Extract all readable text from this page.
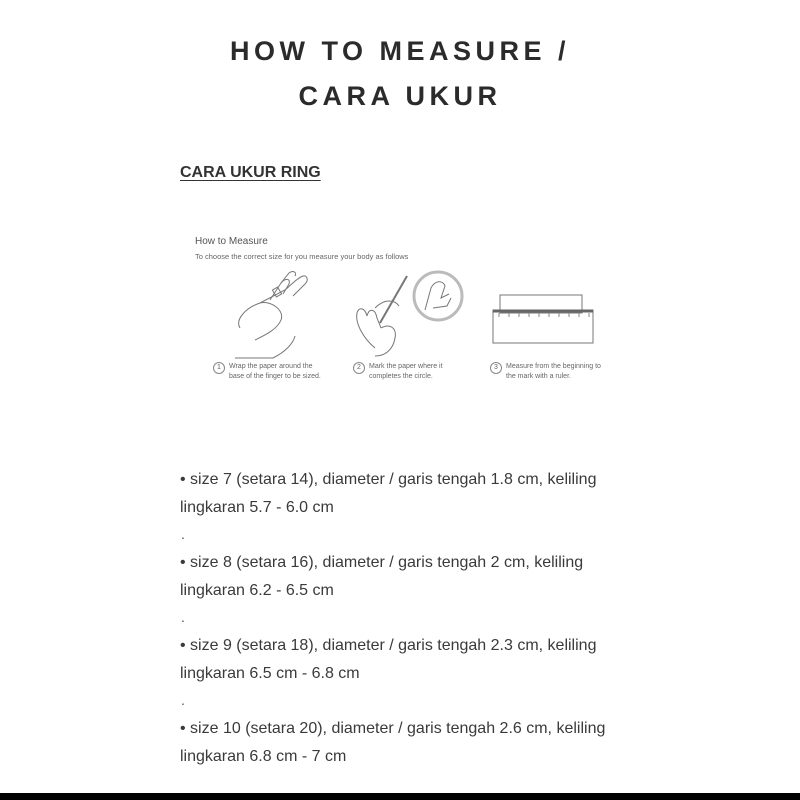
HOW TO MEASURE /
CARA UKUR
CARA UKUR RING
How to Measure
To choose the correct size for you measure your body as follows
1	Wrap the paper around the
base of the finger to be sized.
2	Mark the paper where it
completes the circle.
3	Measure from the beginning to
the mark with a ruler.
• size 7 (setara 14), diameter / garis tengah 1.8 cm, keliling lingkaran 5.7 - 6.0 cm
.
• size 8 (setara 16), diameter / garis tengah 2 cm, keliling lingkaran 6.2 - 6.5 cm
.
• size 9 (setara 18), diameter / garis tengah 2.3 cm, keliling lingkaran 6.5 cm - 6.8 cm
.
• size 10 (setara 20), diameter / garis tengah 2.6 cm, keliling lingkaran 6.8 cm - 7 cm
